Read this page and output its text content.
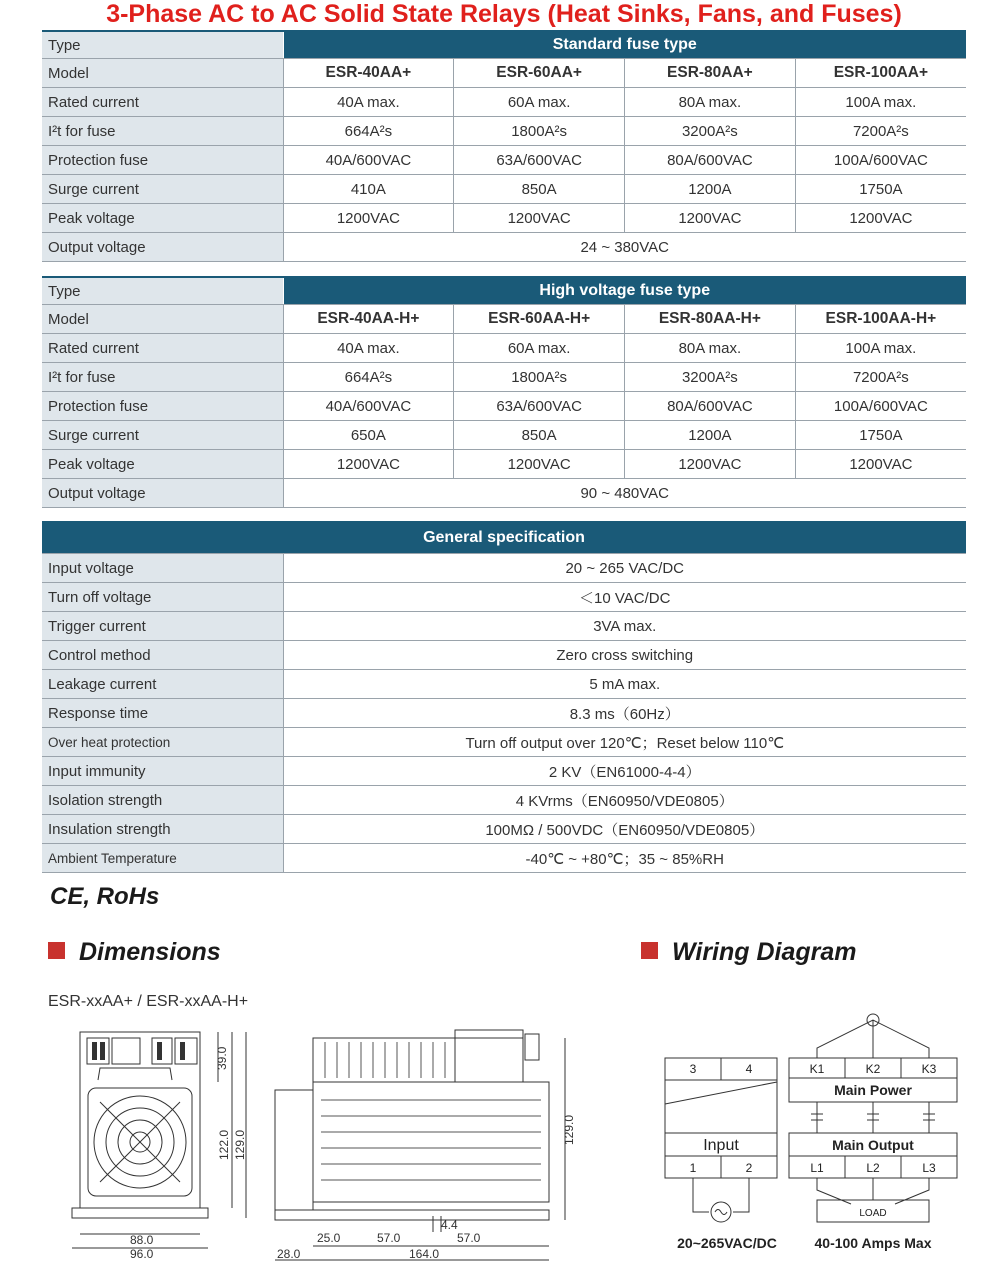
3-Phase AC to AC Solid State Relays (Heat Sinks, Fans, and Fuses)
Type	Standard fuse type			
Model	ESR-40AA+	ESR-60AA+	ESR-80AA+	ESR-100AA+
Rated current	40A max.	60A max.	80A max.	100A max.
I²t for fuse	664A²s	1800A²s	3200A²s	7200A²s
Protection fuse	40A/600VAC	63A/600VAC	80A/600VAC	100A/600VAC
Surge current	410A	850A	1200A	1750A
Peak voltage	1200VAC	1200VAC	1200VAC	1200VAC
Output voltage	24 ~ 380VAC			
Type	High voltage fuse type			
Model	ESR-40AA-H+	ESR-60AA-H+	ESR-80AA-H+	ESR-100AA-H+
Rated current	40A max.	60A max.	80A max.	100A max.
I²t for fuse	664A²s	1800A²s	3200A²s	7200A²s
Protection fuse	40A/600VAC	63A/600VAC	80A/600VAC	100A/600VAC
Surge current	650A	850A	1200A	1750A
Peak voltage	1200VAC	1200VAC	1200VAC	1200VAC
Output voltage	90 ~ 480VAC			
General specification	
Input voltage	20 ~ 265 VAC/DC
Turn off voltage	＜10 VAC/DC
Trigger current	3VA max.
Control method	Zero cross switching
Leakage current	5 mA max.
Response time	8.3 ms（60Hz）
Over heat protection	Turn off output over 120℃；Reset below 110℃
Input immunity	2 KV（EN61000-4-4）
Isolation strength	4 KVrms（EN60950/VDE0805）
Insulation strength	100MΩ / 500VDC（EN60950/VDE0805）
Ambient Temperature	-40℃ ~ +80℃；35 ~ 85%RH
CE, RoHs
Dimensions	Wiring Diagram
ESR-xxAA+ / ESR-xxAA-H+
39.0
122.0 129.0
88.0
96.0
129.0
4.4
25.0	57.0	57.0
28.0	164.0
3	4
Input
1	2
K1	K2	K3
Main Power
Main Output
L1	L2	L3
LOAD
20~265VAC/DC	40-100 Amps Max
